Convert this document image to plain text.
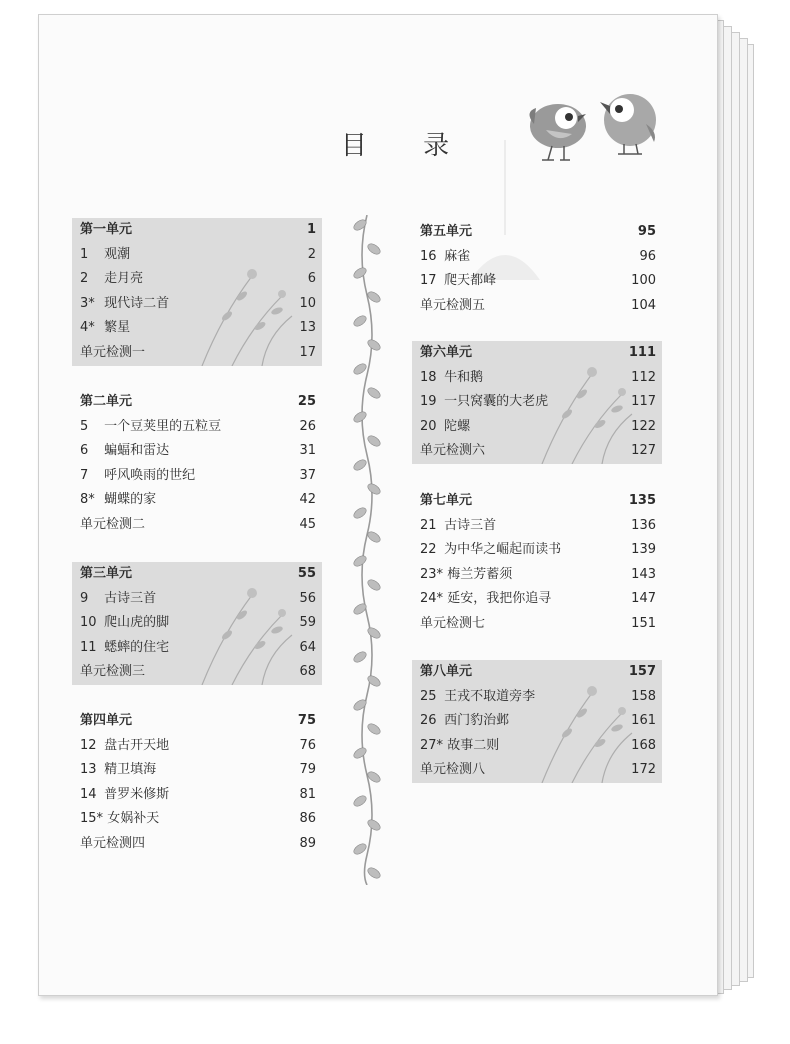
目 录
第一单元	1
1 观潮	2
2 走月亮	6
3* 现代诗二首	10
4* 繁星	13
单元检测一	17
第二单元	25
5 一个豆荚里的五粒豆	26
6 蝙蝠和雷达	31
7 呼风唤雨的世纪	37
8* 蝴蝶的家	42
单元检测二	45
第三单元	55
9 古诗三首	56
10 爬山虎的脚	59
11 蟋蟀的住宅	64
单元检测三	68
第四单元	75
12 盘古开天地	76
13 精卫填海	79
14 普罗米修斯	81
15* 女娲补天	86
单元检测四	89
第五单元	95
16 麻雀	96
17 爬天都峰	100
单元检测五	104
第六单元	111
18 牛和鹅	112
19 一只窝囊的大老虎	117
20 陀螺	122
单元检测六	127
第七单元	135
21 古诗三首	136
22 为中华之崛起而读书	139
23* 梅兰芳蓄须	143
24* 延安，我把你追寻	147
单元检测七	151
第八单元	157
25 王戎不取道旁李	158
26 西门豹治邺	161
27* 故事二则	168
单元检测八	172
